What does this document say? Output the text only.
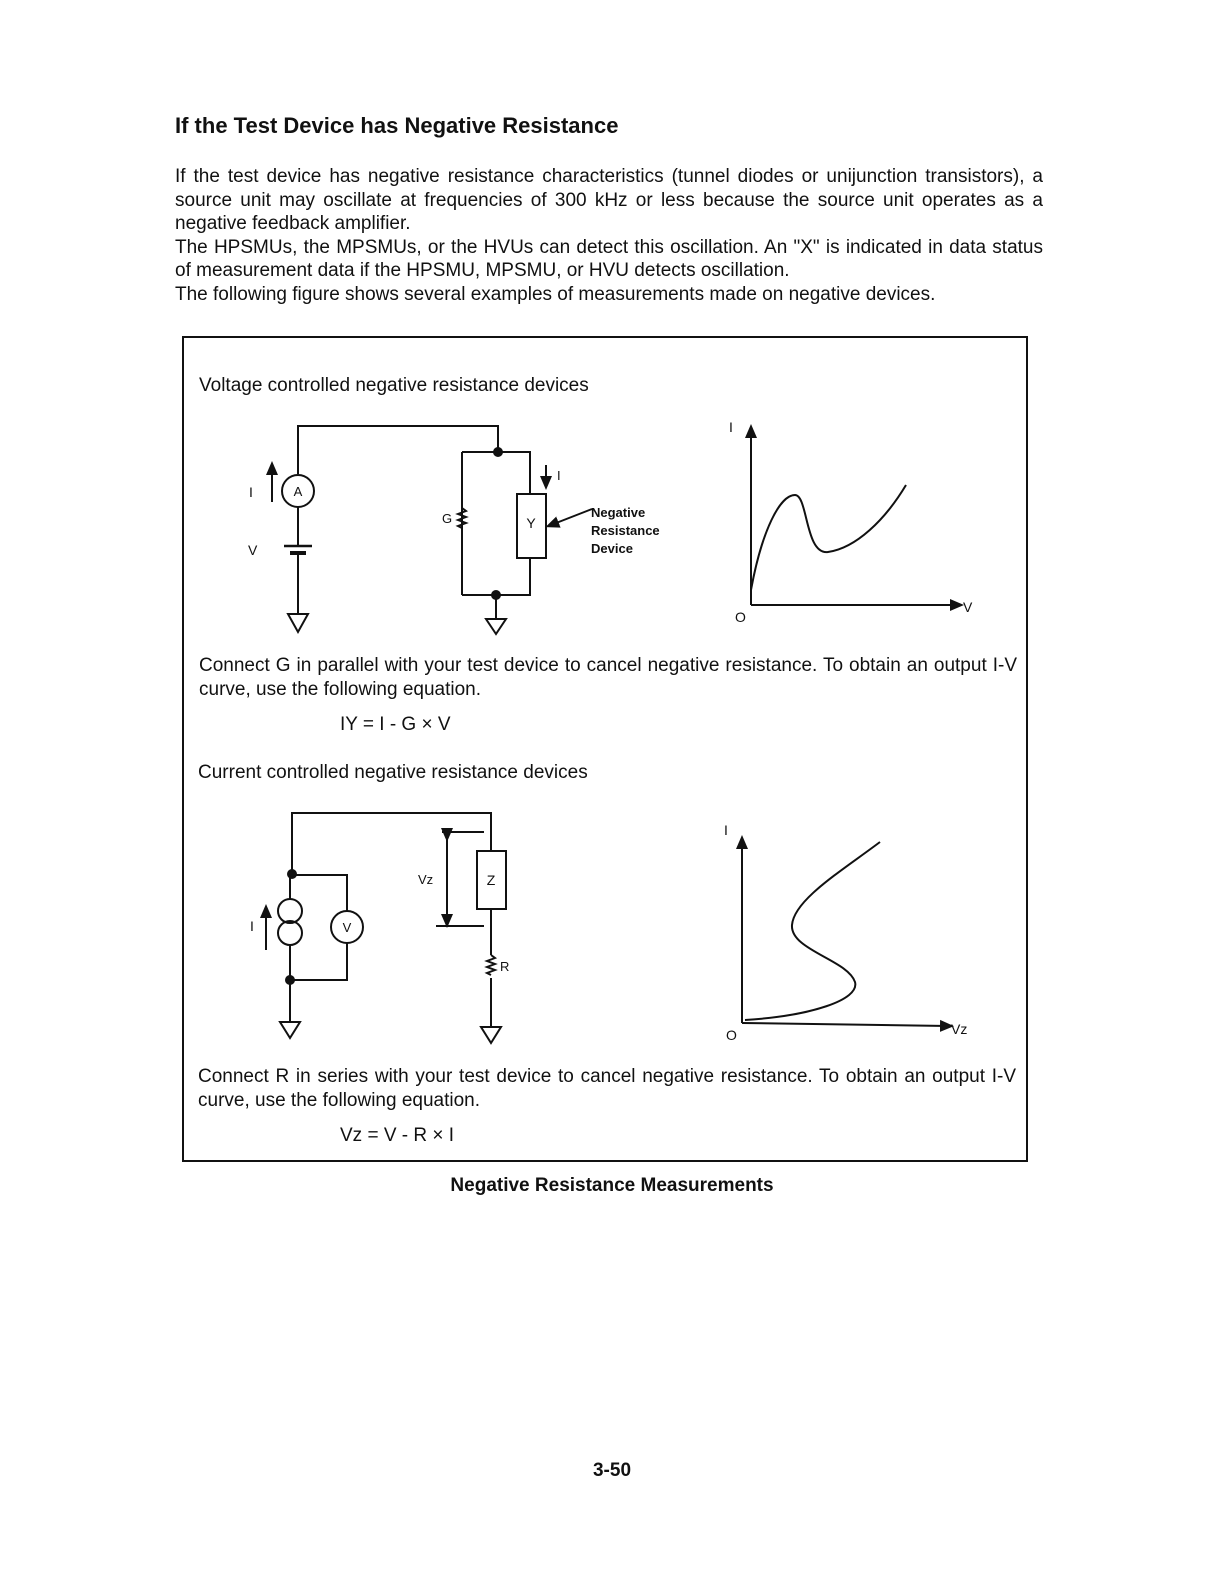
If the Test Device has Negative Resistance

If the test device has negative resistance characteristics (tunnel diodes or unijunction transistors), a source unit may oscillate at frequencies of 300 kHz or less because the source unit operates as a negative feedback amplifier.

The HPSMUs, the MPSMUs, or the HVUs can detect this oscillation. An "X" is indicated in data status of measurement data if the HPSMU, MPSMU, or HVU detects oscillation.

The following figure shows several examples of measurements made on negative devices.

Voltage controlled negative resistance devices
Connect G in parallel with your test device to cancel negative resistance. To obtain an output I-V curve, use the following equation.
IY = I - G × V
Current controlled negative resistance devices
Connect R in series with your test device to cancel negative resistance. To obtain an output I-V curve, use the following equation.
Vz = V - R × I
I
V
A
G	Y
I
Negative
Resistance
Device
I
V
O
I	V
Vz	Z
R
I
Vz
O
Negative Resistance Measurements
3-50
